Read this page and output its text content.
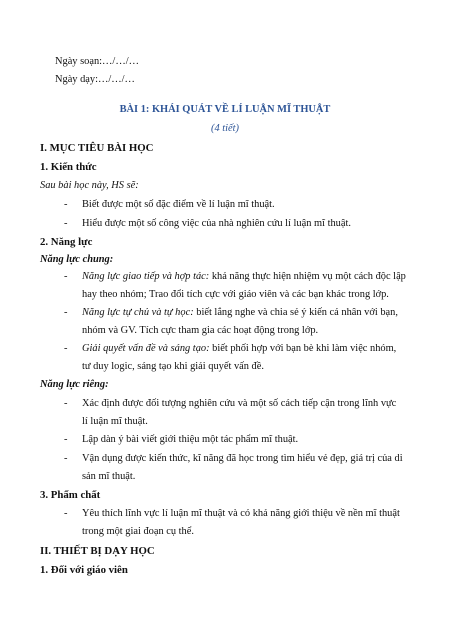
Ngày soạn:…/…/…
Ngày dạy:…/…/…
BÀI 1: KHÁI QUÁT VỀ LÍ LUẬN MĨ THUẬT
(4 tiết)
I. MỤC TIÊU BÀI HỌC
1. Kiến thức
Sau bài học này, HS sẽ:
- Biết được một số đặc điểm về lí luận mĩ thuật.
- Hiểu được một số công việc của nhà nghiên cứu lí luận mĩ thuật.
2. Năng lực
Năng lực chung:
- Năng lực giao tiếp và hợp tác: khả năng thực hiện nhiệm vụ một cách độc lập
hay theo nhóm; Trao đổi tích cực với giáo viên và các bạn khác trong lớp.
- Năng lực tự chủ và tự học: biết lắng nghe và chia sẻ ý kiến cá nhân với bạn,
nhóm và GV. Tích cực tham gia các hoạt động trong lớp.
- Giải quyết vấn đề và sáng tạo: biết phối hợp với bạn bè khi làm việc nhóm,
tư duy logic, sáng tạo khi giải quyết vấn đề.
Năng lực riêng:
- Xác định được đối tượng nghiên cứu và một số cách tiếp cận trong lĩnh vực
lí luận mĩ thuật.
- Lập dàn ý bài viết giới thiệu một tác phẩm mĩ thuật.
- Vận dụng được kiến thức, kĩ năng đã học trong tìm hiểu vẻ đẹp, giá trị của di
sản mĩ thuật.
3. Phẩm chất
- Yêu thích lĩnh vực lí luận mĩ thuật và có khả năng giới thiệu về nền mĩ thuật
trong một giai đoạn cụ thể.
II. THIẾT BỊ DẠY HỌC
1. Đối với giáo viên
